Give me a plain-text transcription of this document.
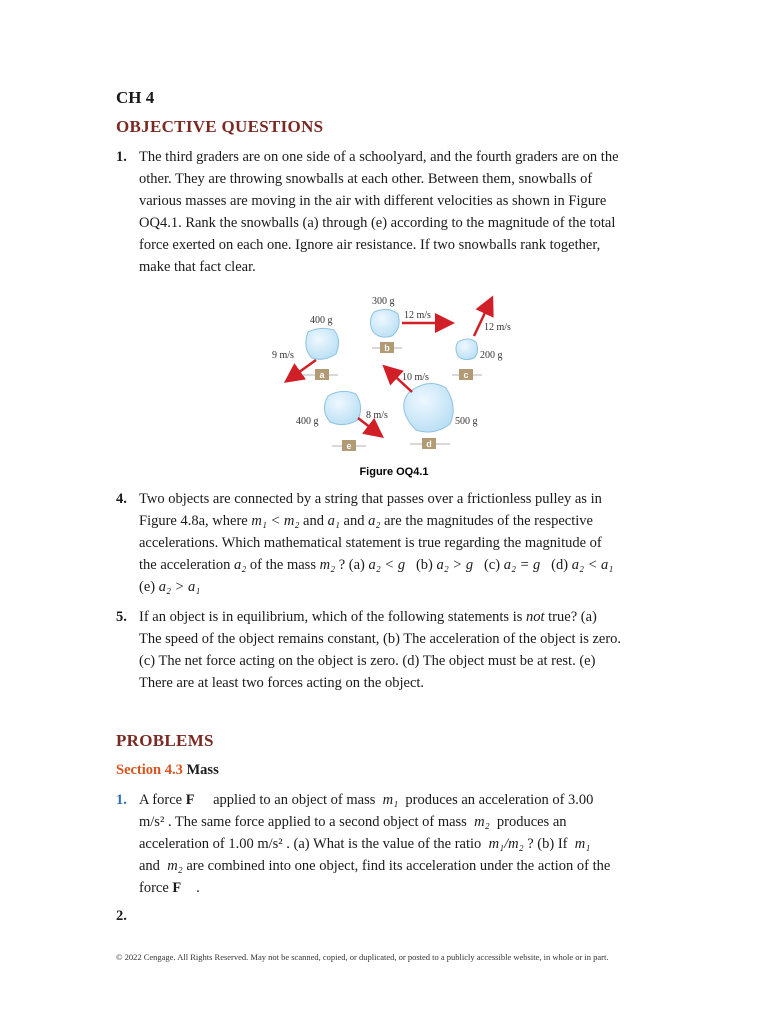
CH 4
OBJECTIVE QUESTIONS
1. The third graders are on one side of a schoolyard, and the fourth graders are on the
other. They are throwing snowballs at each other. Between them, snowballs of
various masses are moving in the air with different velocities as shown in Figure
OQ4.1. Rank the snowballs (a) through (e) according to the magnitude of the total
force exerted on each one. Ignore air resistance. If two snowballs rank together,
make that fact clear.
a
400 g
9 m/s
b
300 g
12 m/s
c
200 g
12 m/s
d
500 g
10 m/s
e
400 g
8 m/s
Figure OQ4.1
4. Two objects are connected by a string that passes over a frictionless pulley as in
Figure 4.8a, where m₁ < m₂ and a₁ and a₂ are the magnitudes of the respective
accelerations. Which mathematical statement is true regarding the magnitude of
the acceleration a₂ of the mass m₂ ? (a) a₂ < g   (b) a₂ > g   (c) a₂ = g   (d) a₂ < a₁
(e) a₂ > a₁
5. If an object is in equilibrium, which of the following statements is not true? (a)
The speed of the object remains constant, (b) The acceleration of the object is zero.
(c) The net force acting on the object is zero. (d) The object must be at rest. (e)
There are at least two forces acting on the object.
PROBLEMS
Section 4.3 Mass
1. A force F⃗  applied to an object of mass  m₁  produces an acceleration of 3.00
m/s² . The same force applied to a second object of mass  m₂  produces an
acceleration of 1.00 m/s² . (a) What is the value of the ratio  m₁/m₂ ? (b) If  m₁
and  m₂ are combined into one object, find its acceleration under the action of the
force F⃗ .
2.
© 2022 Cengage. All Rights Reserved. May not be scanned, copied, or duplicated, or posted to a publicly accessible website, in whole or in part.
